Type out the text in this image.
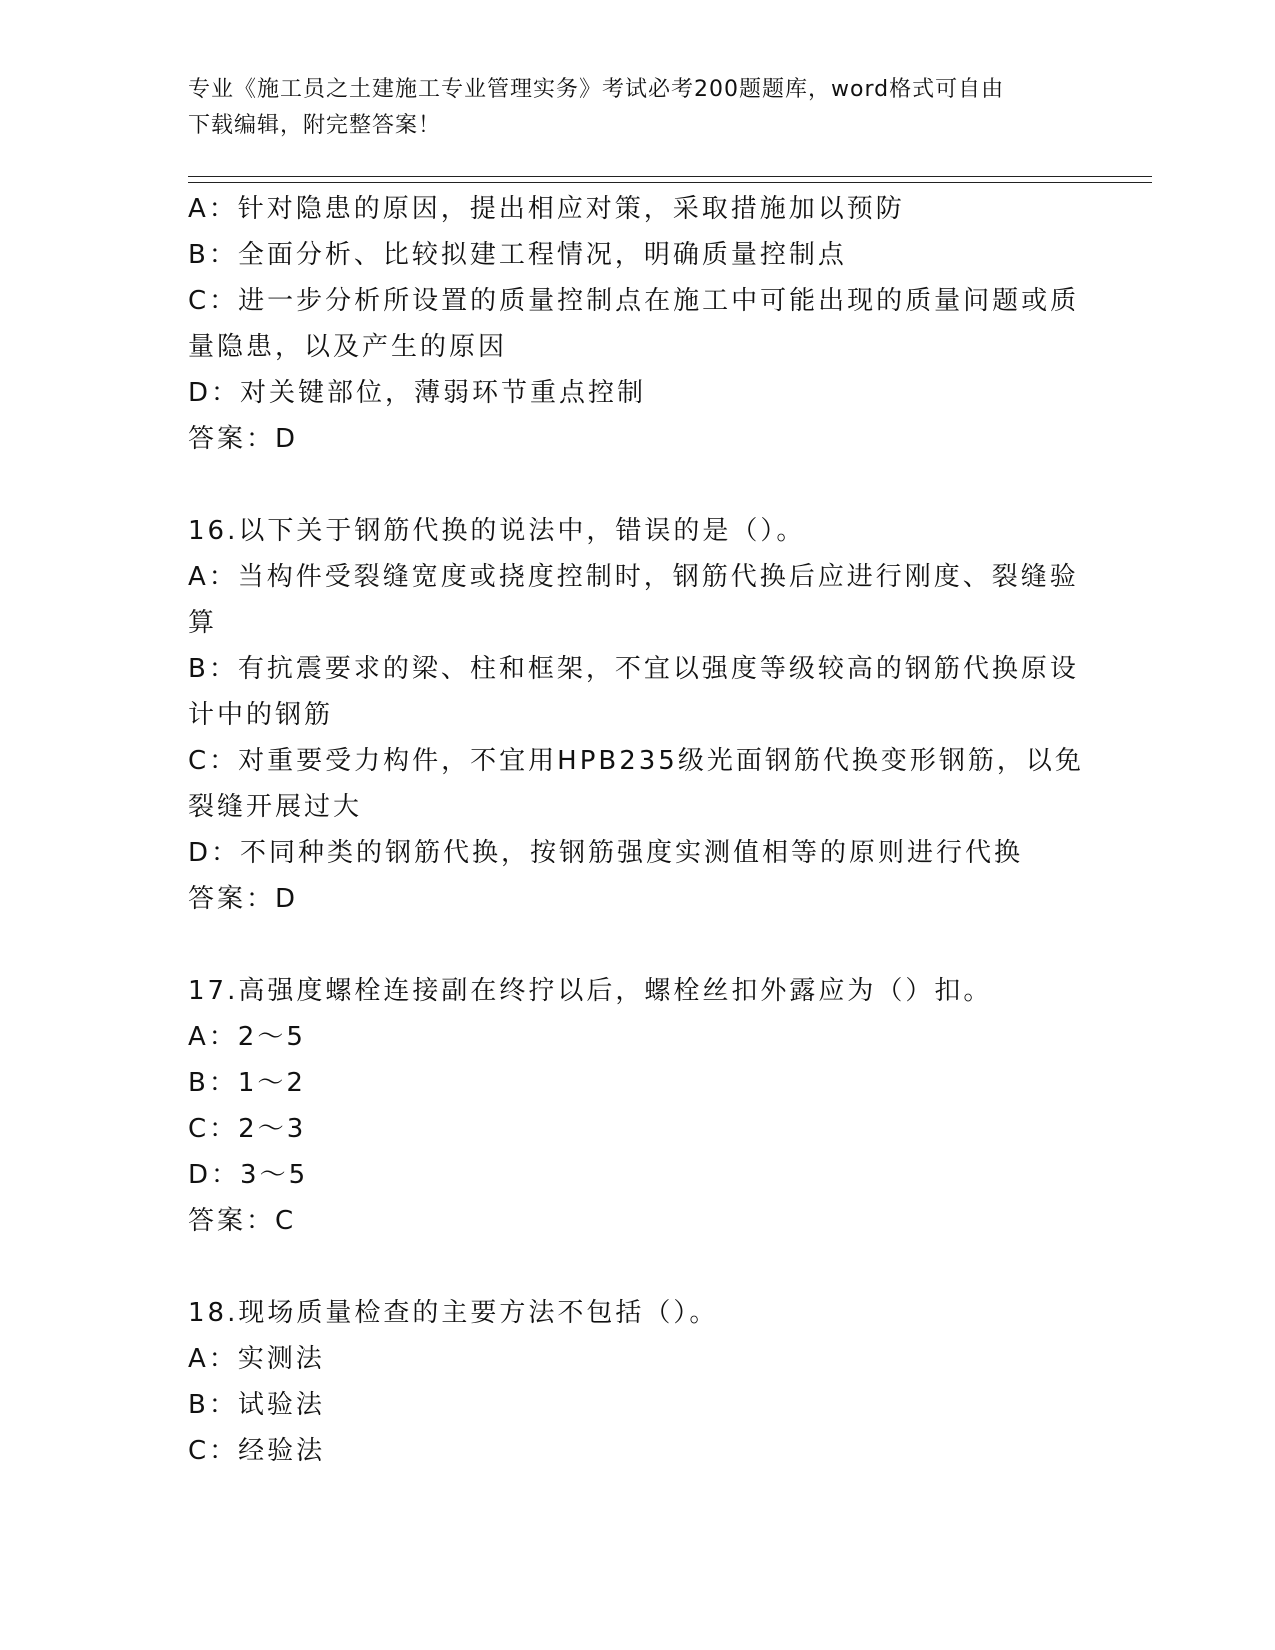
专业《施工员之土建施工专业管理实务》考试必考200题题库，word格式可自由
下载编辑，附完整答案！
A：针对隐患的原因，提出相应对策，采取措施加以预防
B：全面分析、比较拟建工程情况，明确质量控制点
C：进一步分析所设置的质量控制点在施工中可能出现的质量问题或质
量隐患，以及产生的原因
D：对关键部位，薄弱环节重点控制
答案：D
16.以下关于钢筋代换的说法中，错误的是（）。
A：当构件受裂缝宽度或挠度控制时，钢筋代换后应进行刚度、裂缝验
算
B：有抗震要求的梁、柱和框架，不宜以强度等级较高的钢筋代换原设
计中的钢筋
C：对重要受力构件，不宜用HPB235级光面钢筋代换变形钢筋，以免
裂缝开展过大
D：不同种类的钢筋代换，按钢筋强度实测值相等的原则进行代换
答案：D
17.高强度螺栓连接副在终拧以后，螺栓丝扣外露应为（）扣。
A：2～5
B：1～2
C：2～3
D：3～5
答案：C
18.现场质量检查的主要方法不包括（）。
A：实测法
B：试验法
C：经验法
